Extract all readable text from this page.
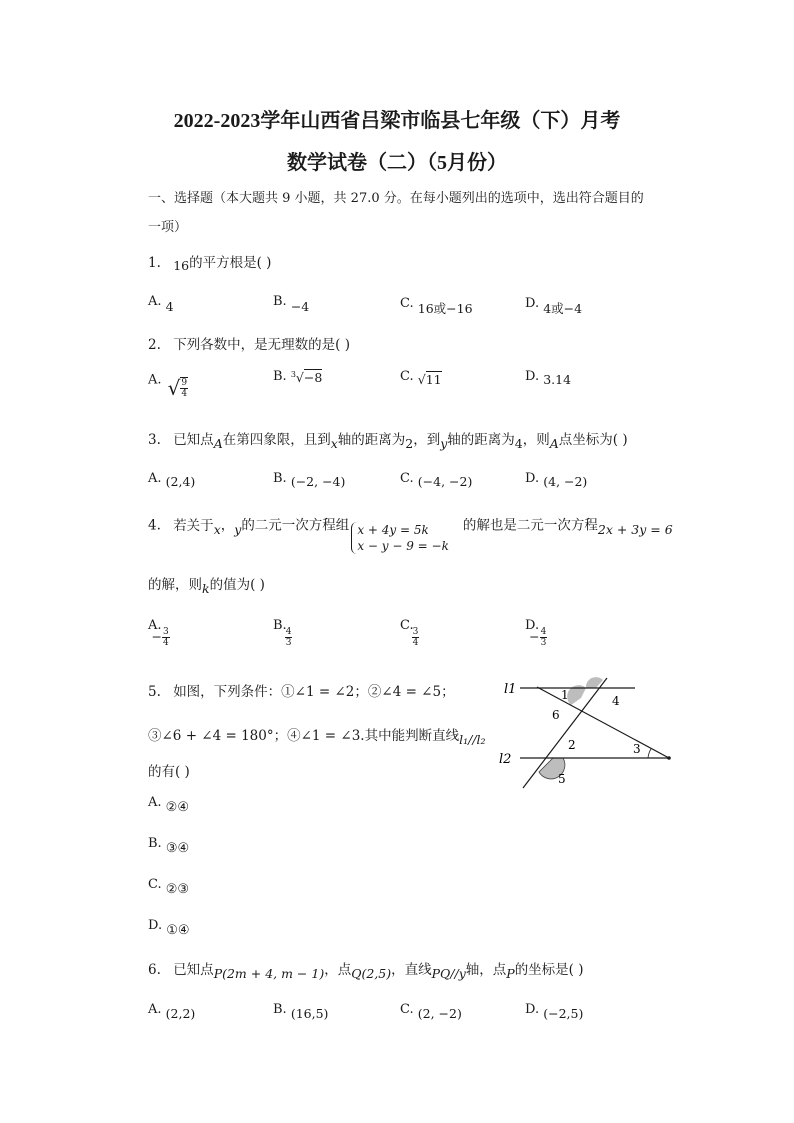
2022-2023学年山西省吕梁市临县七年级（下）月考
数学试卷（二）（5月份）
一、选择题（本大题共 9 小题，共 27.0 分。在每小题列出的选项中，选出符合题目的
一项）
1. 16的平方根是( )
A. 4	B. −4	C. 16或−16	D. 4或−4
2. 下列各数中，是无理数的是( )
A. √ $\frac{9}{4}$
B. $^3$√−8	C. √11	D. 3.14
3. 已知点A在第四象限，且到x轴的距离为2，到y轴的距离为4，则A点坐标为( )
A. (2,4)	B. (−2, −4)	C. (−4, −2)	D. (4, −2)
4. 若关于x，y的二元一次方程组 x + 4y = 5k
x − y − 9 = −k
的解也是二元一次方程2x + 3y = 6
的解，则k的值为( )
$A.- \frac{3}{4}$
B.
$\frac{4}{3}$
C.
$\frac{3}{4}$
$D.- \frac{4}{3}$
5. 如图，下列条件：①∠1 = ∠2；②∠4 = ∠5；
③∠6 + ∠4 = 180°；④∠1 = ∠3.其中能判断直线l₁//l₂
的有( )
A. ②④
B. ③④
C. ②③
D. ①④
l1
l2
1	4
6
2	3
5
6. 已知点P(2m + 4, m − 1)，点Q(2,5)，直线PQ//y轴，点P的坐标是( )
A. (2,2)	B. (16,5)	C. (2, −2)	D. (−2,5)
